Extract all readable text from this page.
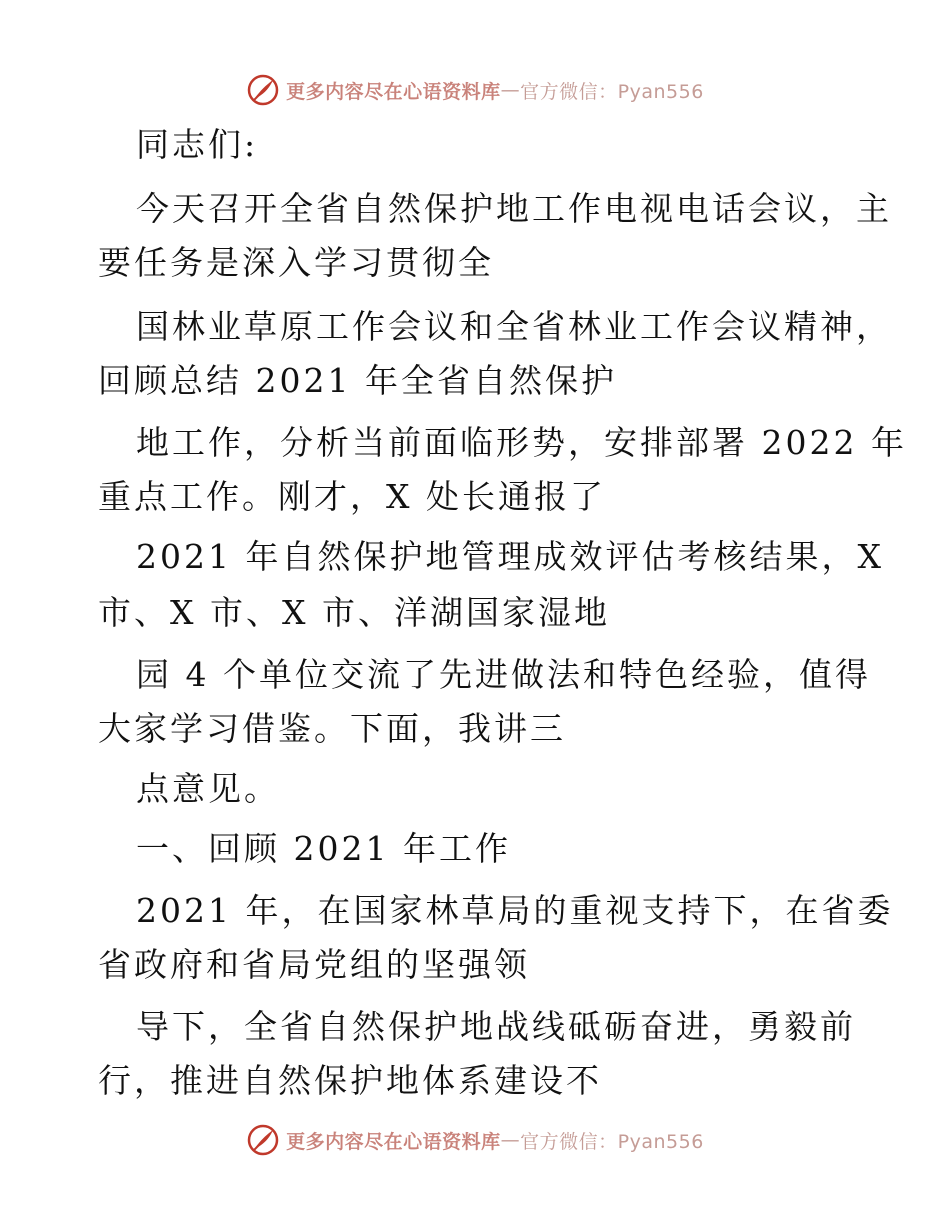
更多内容尽在心语资料库 — 官方微信：Pyan556
同志们:
今天召开全省自然保护地工作电视电话会议，主
要任务是深入学习贯彻全
国林业草原工作会议和全省林业工作会议精神，
回顾总结 2021 年全省自然保护
地工作，分析当前面临形势，安排部署 2022 年
重点工作。刚才，X 处长通报了
2021 年自然保护地管理成效评估考核结果，X
市、X 市、X 市、洋湖国家湿地
园 4 个单位交流了先进做法和特色经验，值得
大家学习借鉴。下面，我讲三
点意见。
一、回顾 2021 年工作
2021 年，在国家林草局的重视支持下，在省委
省政府和省局党组的坚强领
导下，全省自然保护地战线砥砺奋进，勇毅前
行，推进自然保护地体系建设不
更多内容尽在心语资料库 — 官方微信：Pyan556
